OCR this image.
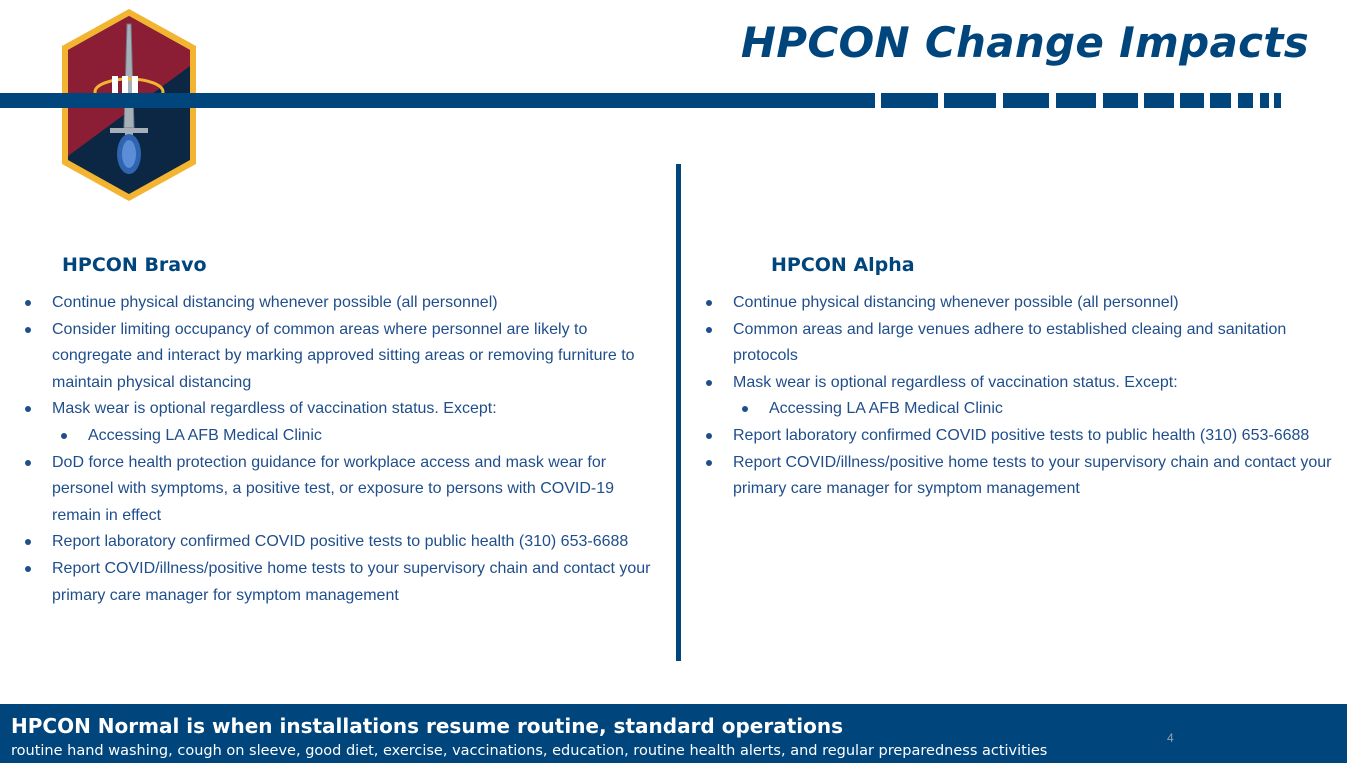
HPCON Change Impacts
HPCON Bravo
Continue physical distancing whenever possible (all personnel)
Consider limiting occupancy of common areas where personnel are likely to congregate and interact by marking approved sitting areas or removing furniture to maintain physical distancing
Mask wear is optional regardless of vaccination status. Except:
Accessing LA AFB Medical Clinic
DoD force health protection guidance for workplace access and mask wear for personel with symptoms, a positive test, or exposure to persons with COVID-19 remain in effect
Report laboratory confirmed COVID positive tests to public health (310) 653-6688
Report COVID/illness/positive home tests to your supervisory chain and contact your primary care manager for symptom management
HPCON Alpha
Continue physical distancing whenever possible (all personnel)
Common areas and large venues adhere to established cleaing and sanitation protocols
Mask wear is optional regardless of vaccination status. Except:
Accessing LA AFB Medical Clinic
Report laboratory confirmed COVID positive tests to public health (310) 653-6688
Report COVID/illness/positive home tests to your supervisory chain and contact your primary care manager for symptom management

HPCON Normal is when installations resume routine, standard operations

routine hand washing, cough on sleeve, good diet, exercise, vaccinations, education, routine health alerts, and regular preparedness activities

4
